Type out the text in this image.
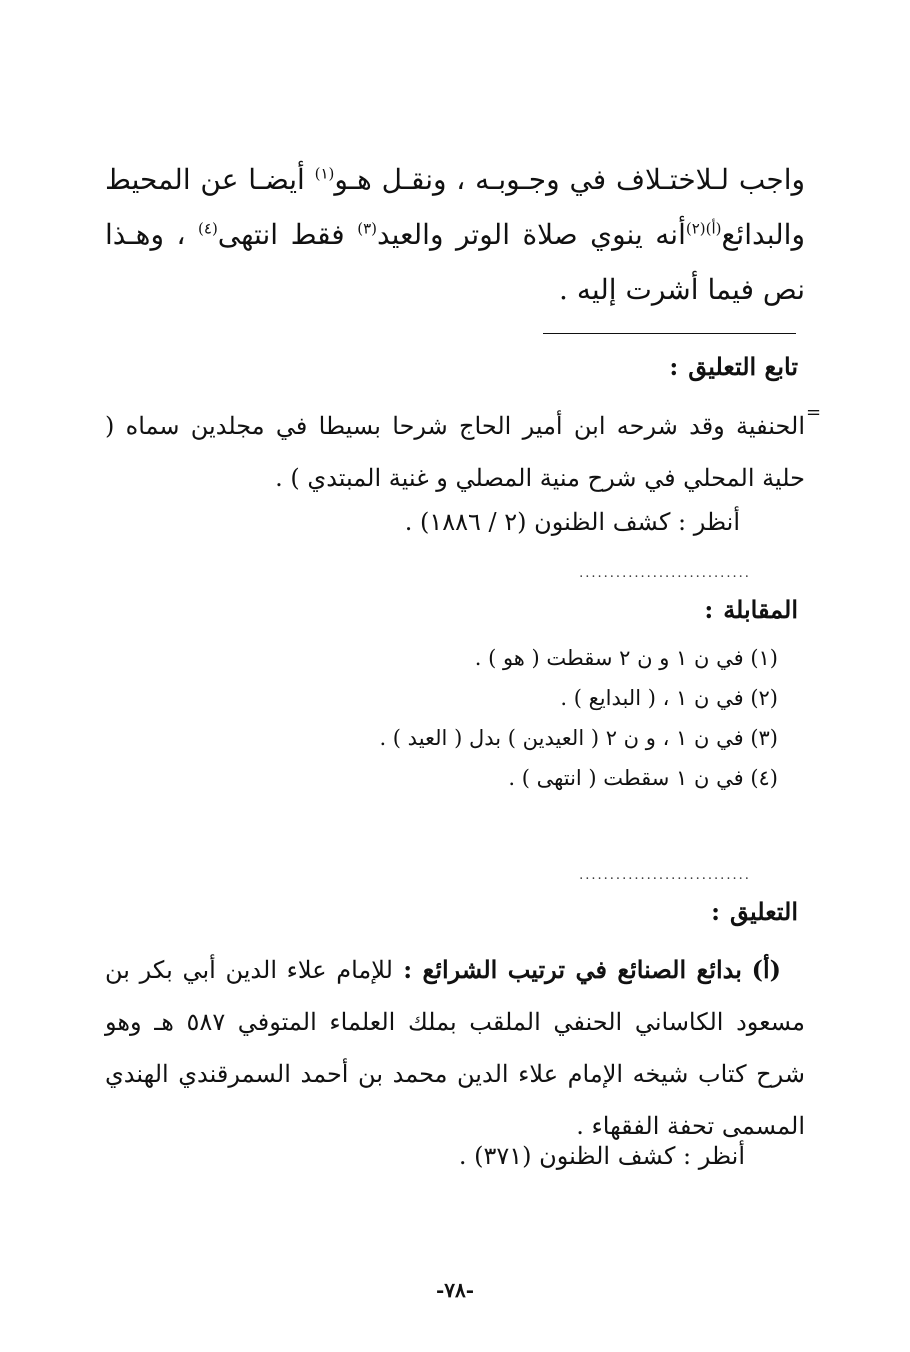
واجب لـلاختـلاف في وجـوبـه ، ونقـل هـو$^{(١)}$ أيضـا عن المحيط والبدائع$^{(أ)(٢)}$أنه ينوي صلاة الوتر والعيد$^{(٣)}$ فقط انتهى$^{(٤)}$ ، وهـذا نص فيما أشرت إليه .
تابع التعليق:
=
الحنفية وقد شرحه ابن أمير الحاج شرحا بسيطا في مجلدين سماه ( حلية المحلي في شرح منية المصلي و غنية المبتدي ) .
أنظر : كشف الظنون (٢ / ١٨٨٦) .
............................
المقابلة:
(١) في ن ١ و ن ٢ سقطت ( هو ) .
(٢) في ن ١ ، ( البدايع ) .
(٣) في ن ١ ، و ن ٢ ( العيدين ) بدل ( العيد ) .
(٤) في ن ١ سقطت ( انتهى ) .
............................
التعليق:
(أ) بدائع الصنائع في ترتيب الشرائع : للإمام علاء الدين أبي بكر بن مسعود الكاساني الحنفي الملقب بملك العلماء المتوفي ٥٨٧ هـ وهو شرح كتاب شيخه الإمام علاء الدين محمد بن أحمد السمرقندي الهندي المسمى تحفة الفقهاء .
أنظر : كشف الظنون (٣٧١) .
-٧٨-
